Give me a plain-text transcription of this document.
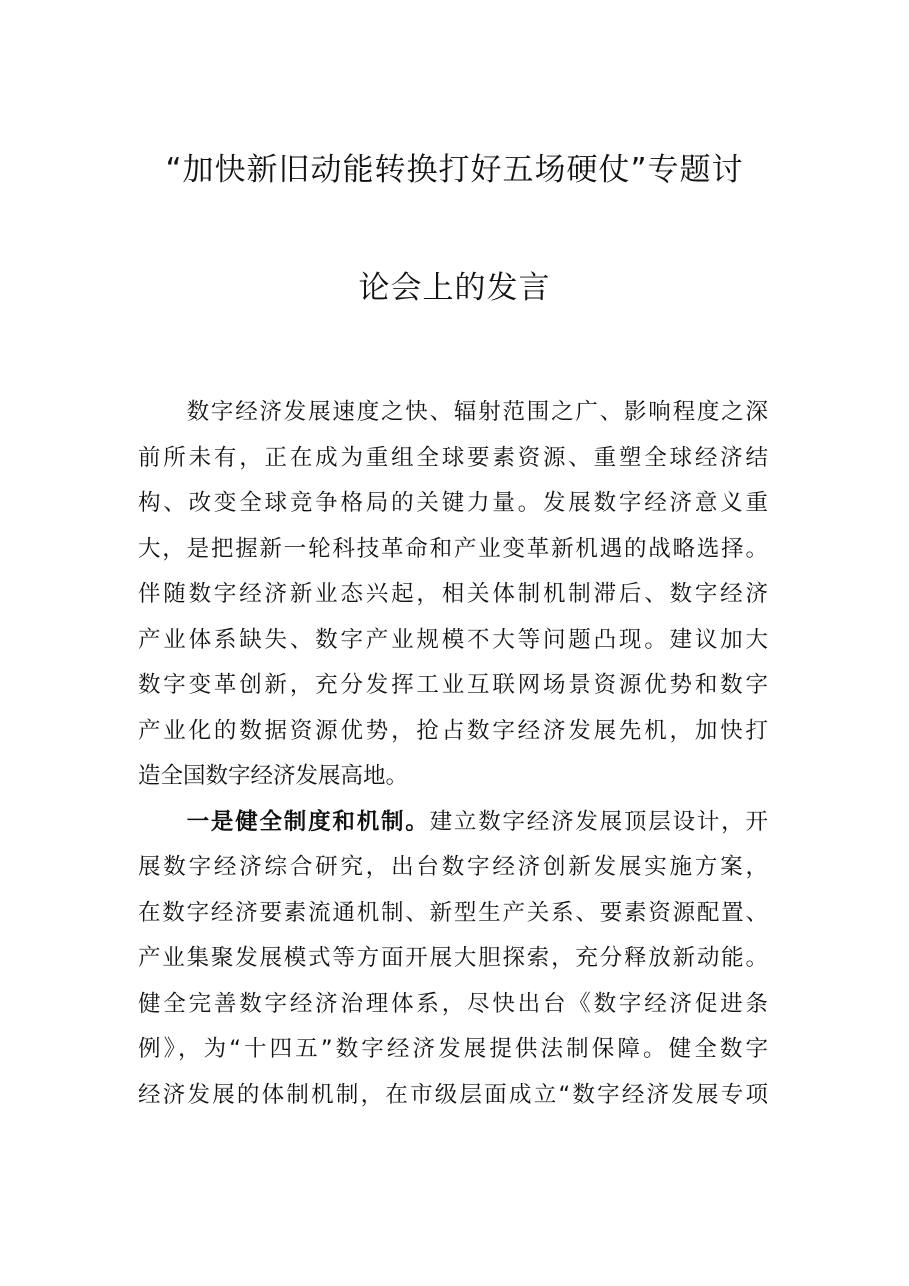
“加快新旧动能转换打好五场硬仗”专题讨
论会上的发言
　　数字经济发展速度之快、辐射范围之广、影响程度之深
前所未有，正在成为重组全球要素资源、重塑全球经济结
构、改变全球竞争格局的关键力量。发展数字经济意义重
大，是把握新一轮科技革命和产业变革新机遇的战略选择。
伴随数字经济新业态兴起，相关体制机制滞后、数字经济
产业体系缺失、数字产业规模不大等问题凸现。建议加大
数字变革创新，充分发挥工业互联网场景资源优势和数字
产业化的数据资源优势，抢占数字经济发展先机，加快打
造全国数字经济发展高地。
　　一是健全制度和机制。建立数字经济发展顶层设计，开
展数字经济综合研究，出台数字经济创新发展实施方案，
在数字经济要素流通机制、新型生产关系、要素资源配置、
产业集聚发展模式等方面开展大胆探索，充分释放新动能。
健全完善数字经济治理体系，尽快出台《数字经济促进条
例》，为“十四五”数字经济发展提供法制保障。健全数字
经济发展的体制机制，在市级层面成立“数字经济发展专项
